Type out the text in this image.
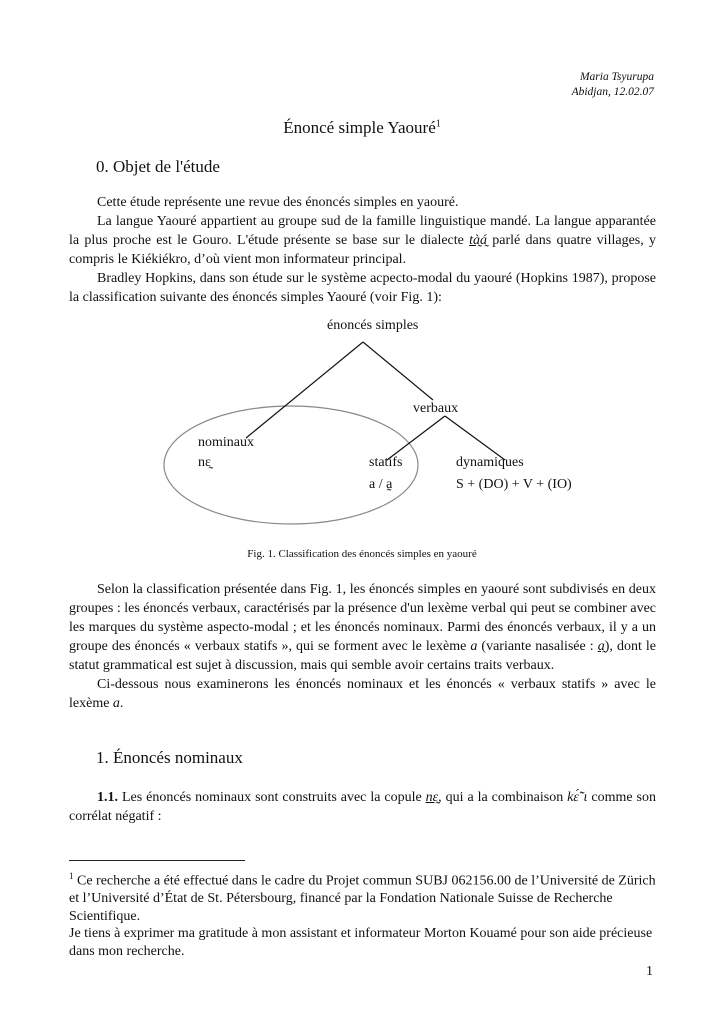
Maria Tsyurupa
Abidjan, 12.02.07
Énoncé simple Yaouré$^1$
0. Objet de l'étude

Cette étude représente une revue des énoncés simples en yaouré.

La langue Yaouré appartient au groupe sud de la famille linguistique mandé. La langue apparantée la plus proche est le Gouro. L'étude présente se base sur le dialecte tà̰á̰ parlé dans quatre villages, y compris le Kiékiékro, d’où vient mon informateur principal.

Bradley Hopkins, dans son étude sur le système acpecto-modal du yaouré (Hopkins 1987), propose la classification suivante des énoncés simples Yaouré (voir Fig. 1):

énoncés simples
verbaux
nominaux
nɛ̰	statifs
a / a̰
dynamiques
S + (DO) + V + (IO)
Fig. 1. Classification des énoncés simples en yaouré

Selon la classification présentée dans Fig. 1, les énoncés simples en yaouré sont subdivisés en deux groupes : les énoncés verbaux, caractérisés par la présence d'un lexème verbal qui peut se combiner avec les marques du système aspecto-modal ; et les énoncés nominaux. Parmi des énoncés verbaux, il y a un groupe des énoncés « verbaux statifs », qui se forment avec le lexème a (variante nasalisée : a̰), dont le statut grammatical est sujet à discussion, mais qui semble avoir certains traits verbaux.

Ci-dessous nous examinerons les énoncés nominaux et les énoncés « verbaux statifs » avec le lexème a.

1. Énoncés nominaux

1.1. Les énoncés nominaux sont construits avec la copule nɛ̰, qui a la combinaison kɛ̃́˜ɩ comme son corrélat négatif :

$^1$ Ce recherche a été effectué dans le cadre du Projet commun SUBJ 062156.00 de l’Université de Zürich et l’Université d’État de St. Pétersbourg, financé par la Fondation Nationale Suisse de Recherche Scientifique.
Je tiens à exprimer ma gratitude à mon assistant et informateur Morton Kouamé pour son aide précieuse dans mon recherche.
1
